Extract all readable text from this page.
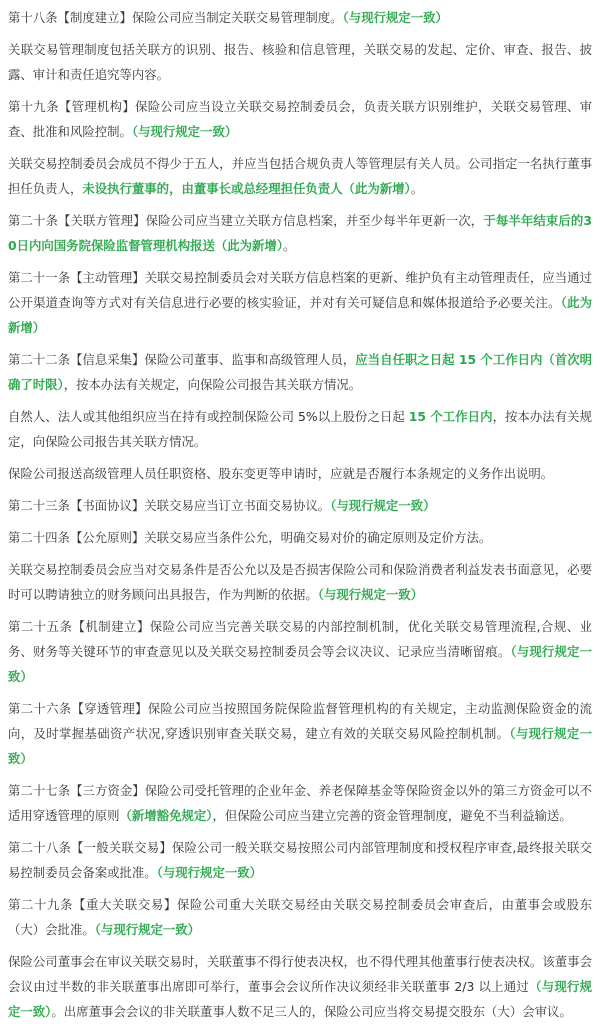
第十八条【制度建立】保险公司应当制定关联交易管理制度。（与现行规定一致）

关联交易管理制度包括关联方的识别、报告、核验和信息管理，关联交易的发起、定价、审查、报告、披露、审计和责任追究等内容。

第十九条【管理机构】保险公司应当设立关联交易控制委员会，负责关联方识别维护，关联交易管理、审查、批准和风险控制。（与现行规定一致）

关联交易控制委员会成员不得少于五人，并应当包括合规负责人等管理层有关人员。公司指定一名执行董事担任负责人，未设执行董事的，由董事长或总经理担任负责人（此为新增）。

第二十条【关联方管理】保险公司应当建立关联方信息档案，并至少每半年更新一次，于每半年结束后的30日内向国务院保险监督管理机构报送（此为新增）。

第二十一条【主动管理】关联交易控制委员会对关联方信息档案的更新、维护负有主动管理责任，应当通过公开渠道查询等方式对有关信息进行必要的核实验证，并对有关可疑信息和媒体报道给予必要关注。（此为新增）

第二十二条【信息采集】保险公司董事、监事和高级管理人员，应当自任职之日起 15 个工作日内（首次明确了时限），按本办法有关规定，向保险公司报告其关联方情况。

自然人、法人或其他组织应当在持有或控制保险公司 5%以上股份之日起 15 个工作日内，按本办法有关规定，向保险公司报告其关联方情况。

保险公司报送高级管理人员任职资格、股东变更等申请时，应就是否履行本条规定的义务作出说明。

第二十三条【书面协议】关联交易应当订立书面交易协议。（与现行规定一致）

第二十四条【公允原则】关联交易应当条件公允，明确交易对价的确定原则及定价方法。

关联交易控制委员会应当对交易条件是否公允以及是否损害保险公司和保险消费者利益发表书面意见，必要时可以聘请独立的财务顾问出具报告，作为判断的依据。（与现行规定一致）

第二十五条【机制建立】保险公司应当完善关联交易的内部控制机制，优化关联交易管理流程,合规、业务、财务等关键环节的审查意见以及关联交易控制委员会等会议决议、记录应当清晰留痕。（与现行规定一致）

第二十六条【穿透管理】保险公司应当按照国务院保险监督管理机构的有关规定，主动监测保险资金的流向，及时掌握基础资产状况,穿透识别审查关联交易，建立有效的关联交易风险控制机制。（与现行规定一致）

第二十七条【三方资金】保险公司受托管理的企业年金、养老保障基金等保险资金以外的第三方资金可以不适用穿透管理的原则（新增豁免规定），但保险公司应当建立完善的资金管理制度，避免不当利益输送。

第二十八条【一般关联交易】保险公司一般关联交易按照公司内部管理制度和授权程序审查,最终报关联交易控制委员会备案或批准。（与现行规定一致）

第二十九条【重大关联交易】保险公司重大关联交易经由关联交易控制委员会审查后，由董事会或股东（大）会批准。（与现行规定一致）

保险公司董事会在审议关联交易时，关联董事不得行使表决权，也不得代理其他董事行使表决权。该董事会会议由过半数的非关联董事出席即可举行，董事会会议所作决议须经非关联董事 2/3 以上通过（与现行规定一致）。出席董事会会议的非关联董事人数不足三人的，保险公司应当将交易提交股东（大）会审议。
